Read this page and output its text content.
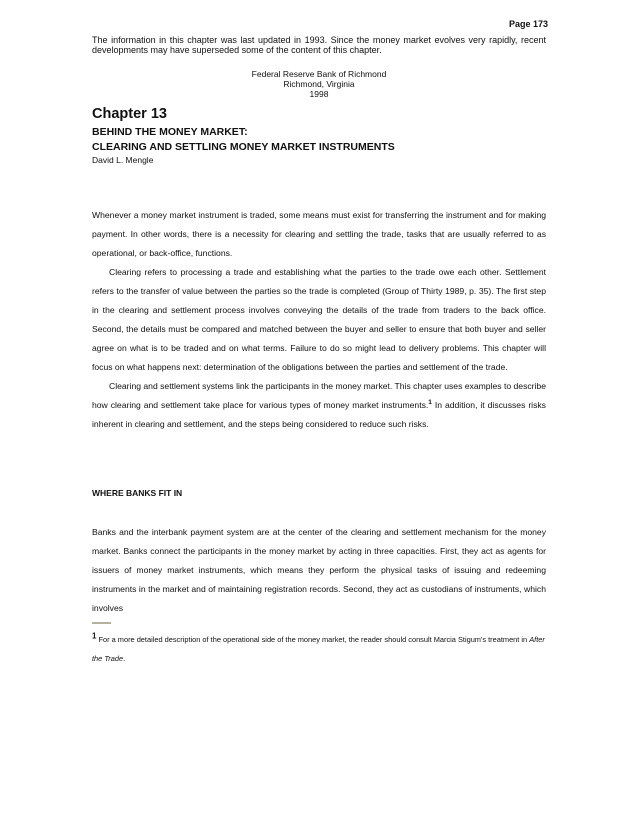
Page 173
The information in this chapter was last updated in 1993. Since the money market evolves very rapidly, recent developments may have superseded some of the content of this chapter.
Federal Reserve Bank of Richmond
Richmond, Virginia
1998
Chapter 13
BEHIND THE MONEY MARKET:
CLEARING AND SETTLING MONEY MARKET INSTRUMENTS
David L. Mengle

Whenever a money market instrument is traded, some means must exist for transferring the instrument and for making payment. In other words, there is a necessity for clearing and settling the trade, tasks that are usually referred to as operational, or back-office, functions.

Clearing refers to processing a trade and establishing what the parties to the trade owe each other. Settlement refers to the transfer of value between the parties so the trade is completed (Group of Thirty 1989, p. 35). The first step in the clearing and settlement process involves conveying the details of the trade from traders to the back office. Second, the details must be compared and matched between the buyer and seller to ensure that both buyer and seller agree on what is to be traded and on what terms. Failure to do so might lead to delivery problems. This chapter will focus on what happens next: determination of the obligations between the parties and settlement of the trade.

Clearing and settlement systems link the participants in the money market. This chapter uses examples to describe how clearing and settlement take place for various types of money market instruments.$^1$ In addition, it discusses risks inherent in clearing and settlement, and the steps being considered to reduce such risks.

WHERE BANKS FIT IN

Banks and the interbank payment system are at the center of the clearing and settlement mechanism for the money market. Banks connect the participants in the money market by acting in three capacities. First, they act as agents for issuers of money market instruments, which means they perform the physical tasks of issuing and redeeming instruments in the market and of maintaining registration records. Second, they act as custodians of instruments, which involves

1 For a more detailed description of the operational side of the money market, the reader should consult Marcia Stigum's treatment in After the Trade.
